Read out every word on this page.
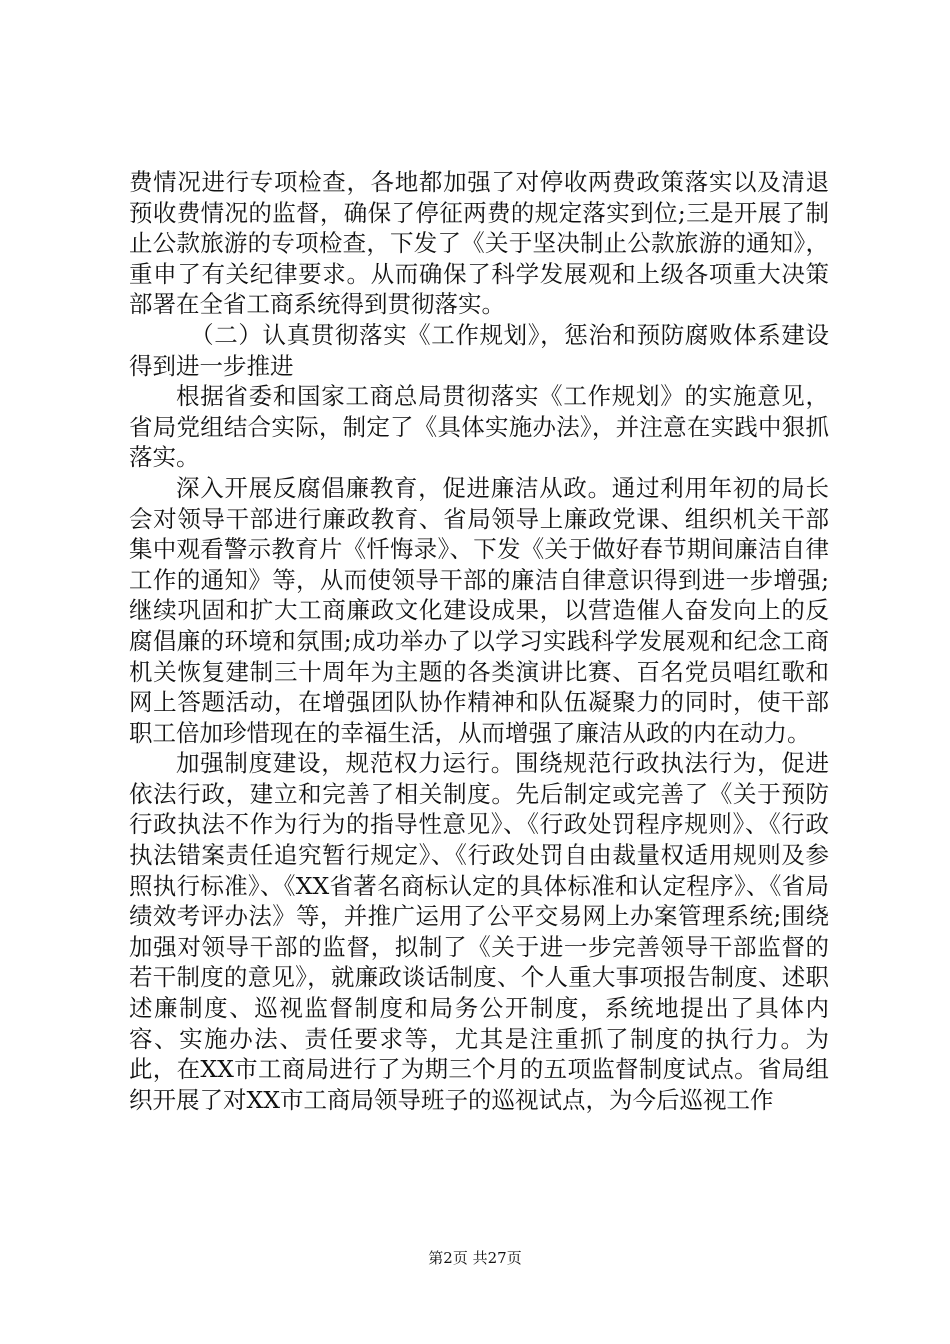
费情况进行专项检查，各地都加强了对停收两费政策落实以及清退预收费情况的监督，确保了停征两费的规定落实到位;三是开展了制止公款旅游的专项检查，下发了《关于坚决制止公款旅游的通知》，重申了有关纪律要求。从而确保了科学发展观和上级各项重大决策部署在全省工商系统得到贯彻落实。

（二）认真贯彻落实《工作规划》，惩治和预防腐败体系建设得到进一步推进

根据省委和国家工商总局贯彻落实《工作规划》的实施意见，省局党组结合实际，制定了《具体实施办法》，并注意在实践中狠抓落实。

深入开展反腐倡廉教育，促进廉洁从政。通过利用年初的局长会对领导干部进行廉政教育、省局领导上廉政党课、组织机关干部集中观看警示教育片《忏悔录》、下发《关于做好春节期间廉洁自律工作的通知》等，从而使领导干部的廉洁自律意识得到进一步增强;继续巩固和扩大工商廉政文化建设成果，以营造催人奋发向上的反腐倡廉的环境和氛围;成功举办了以学习实践科学发展观和纪念工商机关恢复建制三十周年为主题的各类演讲比赛、百名党员唱红歌和网上答题活动，在增强团队协作精神和队伍凝聚力的同时，使干部职工倍加珍惜现在的幸福生活，从而增强了廉洁从政的内在动力。

加强制度建设，规范权力运行。围绕规范行政执法行为，促进依法行政，建立和完善了相关制度。先后制定或完善了《关于预防行政执法不作为行为的指导性意见》、《行政处罚程序规则》、《行政执法错案责任追究暂行规定》、《行政处罚自由裁量权适用规则及参照执行标准》、《XX省著名商标认定的具体标准和认定程序》、《省局绩效考评办法》等，并推广运用了公平交易网上办案管理系统;围绕加强对领导干部的监督，拟制了《关于进一步完善领导干部监督的若干制度的意见》，就廉政谈话制度、个人重大事项报告制度、述职述廉制度、巡视监督制度和局务公开制度，系统地提出了具体内容、实施办法、责任要求等，尤其是注重抓了制度的执行力。为此，在XX市工商局进行了为期三个月的五项监督制度试点。省局组织开展了对XX市工商局领导班子的巡视试点，为今后巡视工作

第2页 共27页
